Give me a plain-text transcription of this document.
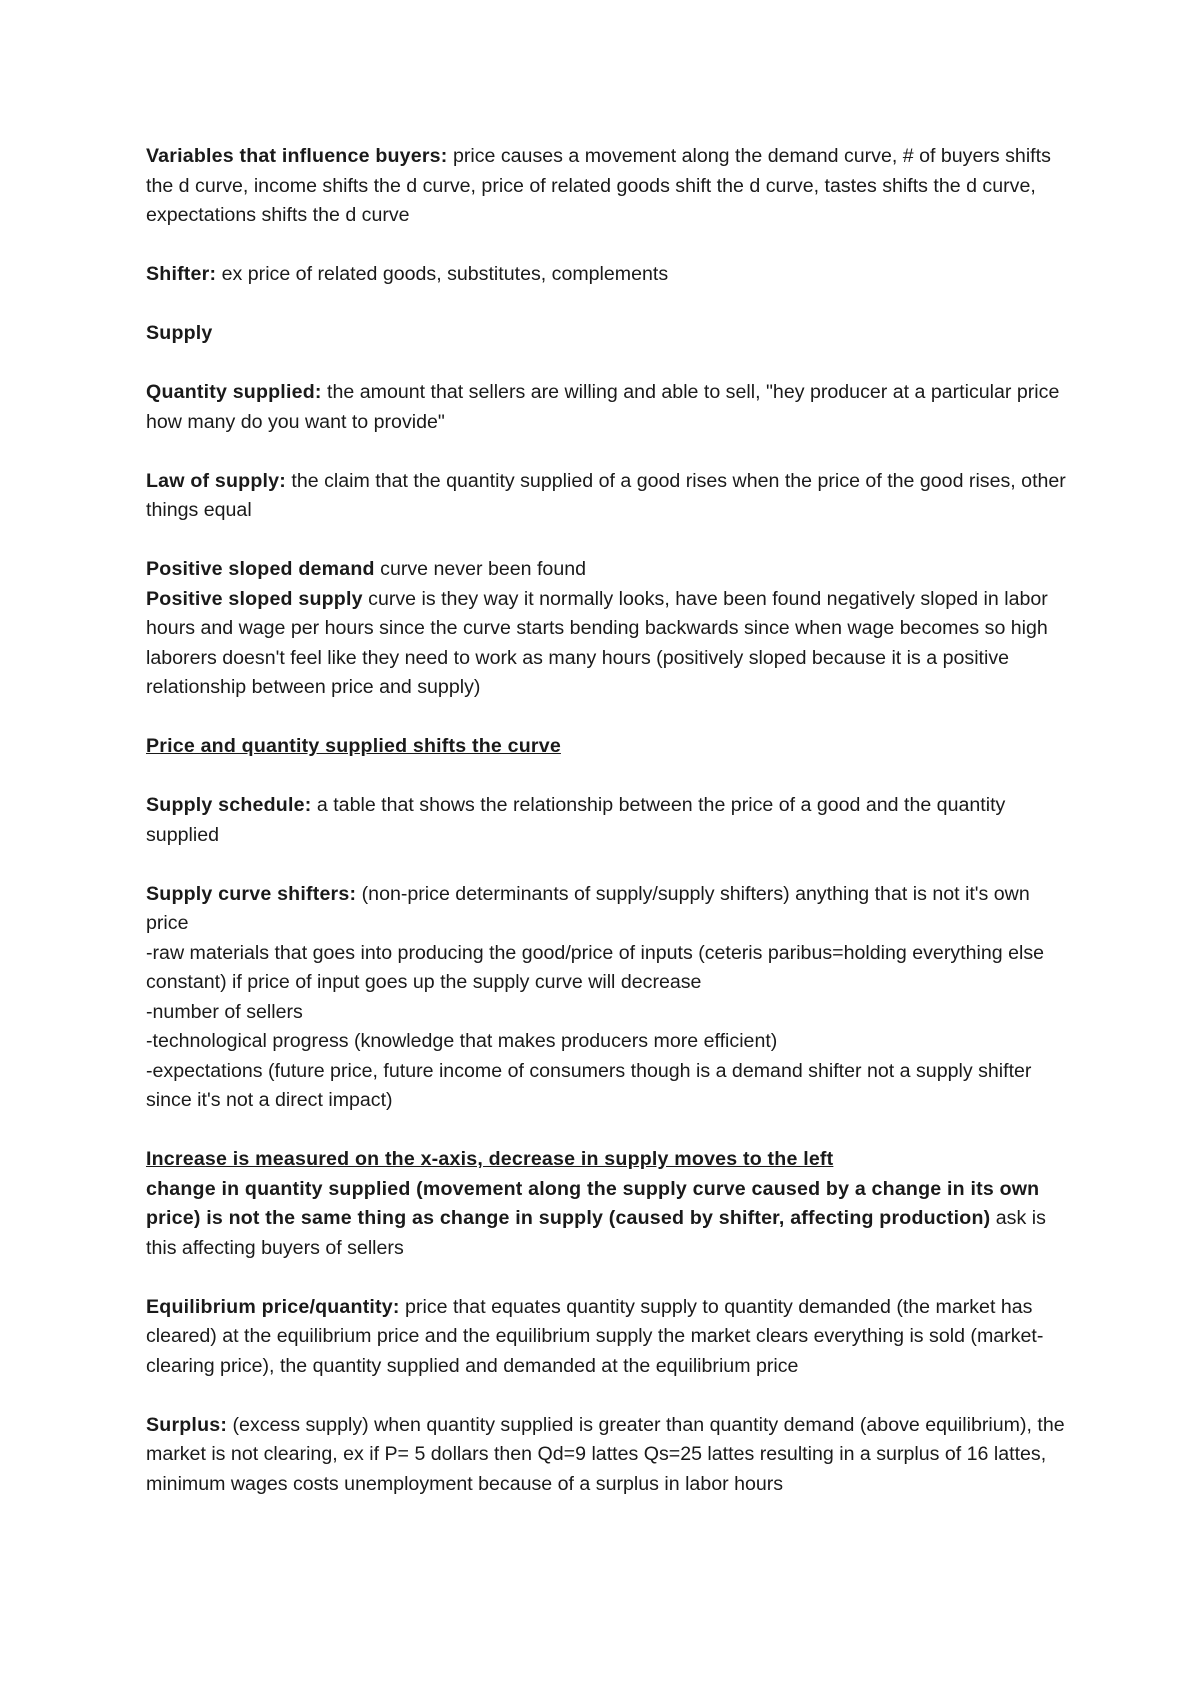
Variables that influence buyers: price causes a movement along the demand curve, # of buyers shifts the d curve, income shifts the d curve, price of related goods shift the d curve, tastes shifts the d curve, expectations shifts the d curve

Shifter: ex price of related goods, substitutes, complements

Supply

Quantity supplied: the amount that sellers are willing and able to sell, "hey producer at a particular price how many do you want to provide"

Law of supply: the claim that the quantity supplied of a good rises when the price of the good rises, other things equal

Positive sloped demand curve never been found

Positive sloped supply curve is they way it normally looks, have been found negatively sloped in labor hours and wage per hours since the curve starts bending backwards since when wage becomes so high laborers doesn't feel like they need to work as many hours (positively sloped because it is a positive relationship between price and supply)

Price and quantity supplied shifts the curve

Supply schedule: a table that shows the relationship between the price of a good and the quantity supplied

Supply curve shifters: (non-price determinants of supply/supply shifters) anything that is not it's own price
-raw materials that goes into producing the good/price of inputs (ceteris paribus=holding everything else constant) if price of input goes up the supply curve will decrease
-number of sellers
-technological progress (knowledge that makes producers more efficient)
-expectations (future price, future income of consumers though is a demand shifter not a supply shifter since it's not a direct impact)
Increase is measured on the x-axis, decrease in supply moves to the left
change in quantity supplied (movement along the supply curve caused by a change in its own price) is not the same thing as change in supply (caused by shifter, affecting production) ask is this affecting buyers of sellers

Equilibrium price/quantity: price that equates quantity supply to quantity demanded (the market has cleared) at the equilibrium price and the equilibrium supply the market clears everything is sold (market-clearing price), the quantity supplied and demanded at the equilibrium price

Surplus: (excess supply) when quantity supplied is greater than quantity demand (above equilibrium), the market is not clearing, ex if P= 5 dollars then Qd=9 lattes Qs=25 lattes resulting in a surplus of 16 lattes, minimum wages costs unemployment because of a surplus in labor hours
